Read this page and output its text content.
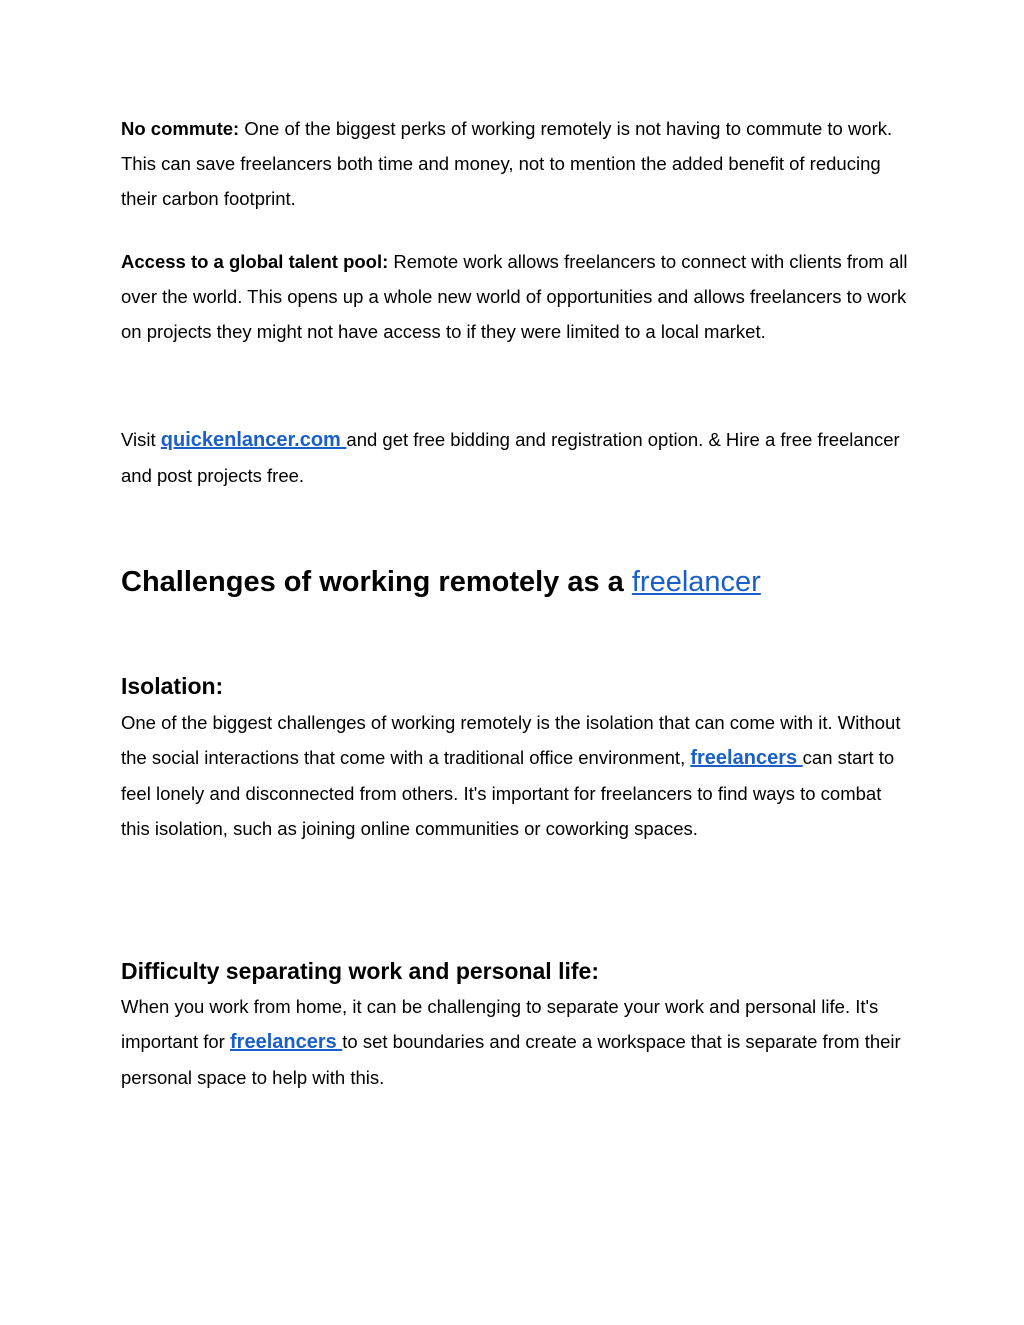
No commute: One of the biggest perks of working remotely is not having to commute to work. This can save freelancers both time and money, not to mention the added benefit of reducing their carbon footprint.

Access to a global talent pool: Remote work allows freelancers to connect with clients from all over the world. This opens up a whole new world of opportunities and allows freelancers to work on projects they might not have access to if they were limited to a local market.

Visit quickenlancer.com and get free bidding and registration option. & Hire a free freelancer and post projects free.

Challenges of working remotely as a freelancer
Isolation:

One of the biggest challenges of working remotely is the isolation that can come with it. Without the social interactions that come with a traditional office environment, freelancers can start to feel lonely and disconnected from others. It's important for freelancers to find ways to combat this isolation, such as joining online communities or coworking spaces.

Difficulty separating work and personal life:

When you work from home, it can be challenging to separate your work and personal life. It's important for freelancers to set boundaries and create a workspace that is separate from their personal space to help with this.
